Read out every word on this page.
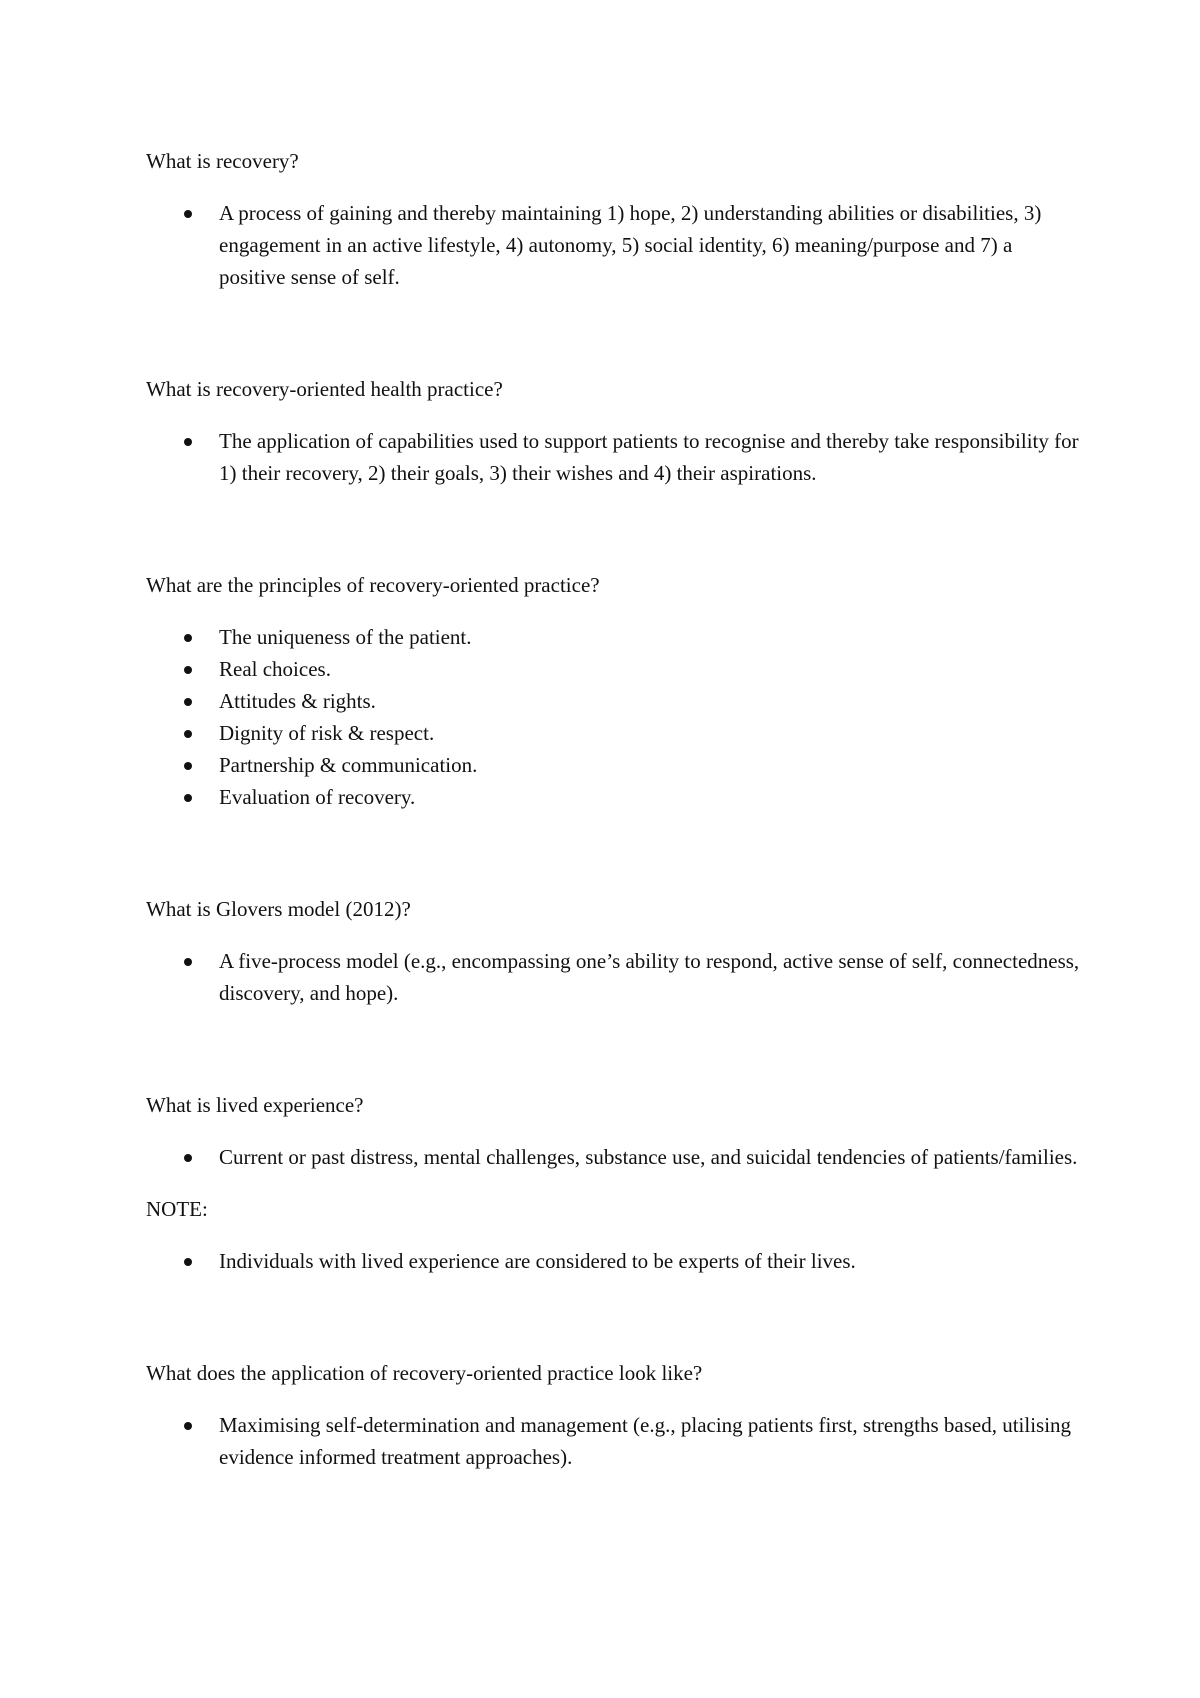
What is recovery?

A process of gaining and thereby maintaining 1) hope, 2) understanding abilities or disabilities, 3) engagement in an active lifestyle, 4) autonomy, 5) social identity, 6) meaning/purpose and 7) a positive sense of self.

What is recovery-oriented health practice?

The application of capabilities used to support patients to recognise and thereby take responsibility for 1) their recovery, 2) their goals, 3) their wishes and 4) their aspirations.

What are the principles of recovery-oriented practice?

The uniqueness of the patient.
Real choices.
Attitudes & rights.
Dignity of risk & respect.
Partnership & communication.
Evaluation of recovery.

What is Glovers model (2012)?

A five-process model (e.g., encompassing one’s ability to respond, active sense of self, connectedness, discovery, and hope).

What is lived experience?

Current or past distress, mental challenges, substance use, and suicidal tendencies of patients/families.

NOTE:

Individuals with lived experience are considered to be experts of their lives.

What does the application of recovery-oriented practice look like?

Maximising self-determination and management (e.g., placing patients first, strengths based, utilising evidence informed treatment approaches).
